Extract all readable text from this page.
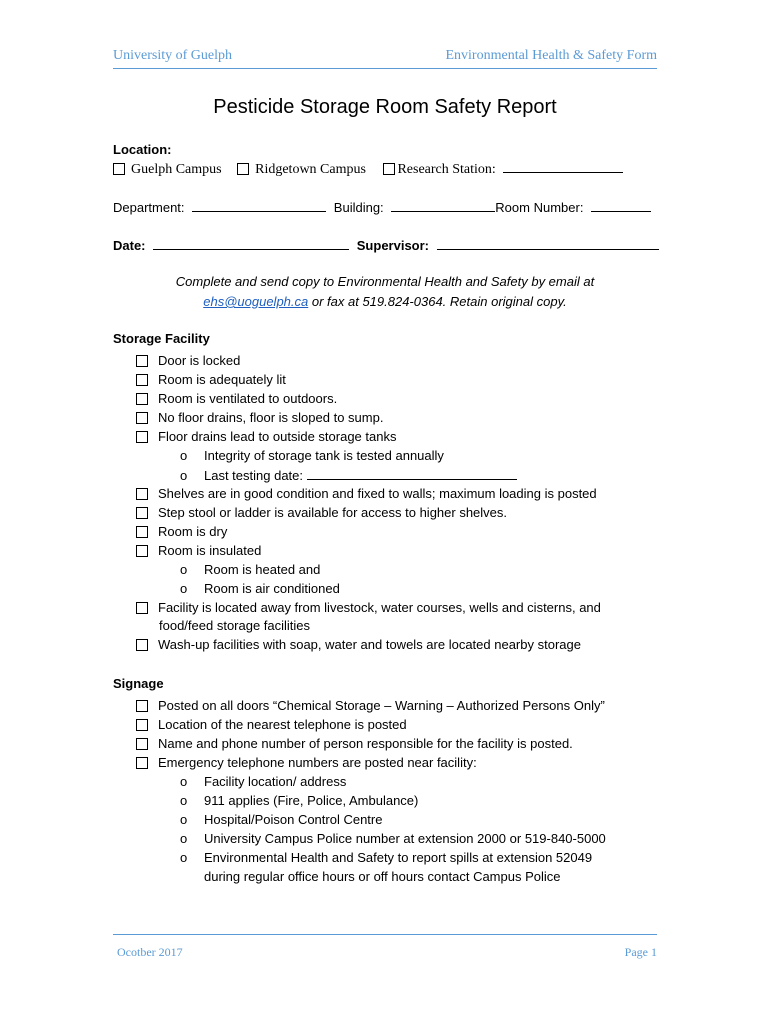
University of Guelph	Environmental Health & Safety Form
Pesticide Storage Room Safety Report
Location:
Guelph Campus Ridgetown Campus Research Station:
Department:	Building:	Room Number:
Date:	Supervisor:
Complete and send copy to Environmental Health and Safety by email at
ehs@uoguelph.ca or fax at 519.824-0364. Retain original copy.
Storage Facility
Door is locked
Room is adequately lit
Room is ventilated to outdoors.
No floor drains, floor is sloped to sump.
Floor drains lead to outside storage tanks
o Integrity of storage tank is tested annually
o Last testing date:
Shelves are in good condition and fixed to walls; maximum loading is posted
Step stool or ladder is available for access to higher shelves.
Room is dry
Room is insulated
o Room is heated and
o Room is air conditioned
Facility is located away from livestock, water courses, wells and cisterns, and
food/feed storage facilities
Wash-up facilities with soap, water and towels are located nearby storage
Signage
Posted on all doors “Chemical Storage – Warning – Authorized Persons Only”
Location of the nearest telephone is posted
Name and phone number of person responsible for the facility is posted.
Emergency telephone numbers are posted near facility:
o Facility location/ address
o 911 applies (Fire, Police, Ambulance)
o Hospital/Poison Control Centre
o University Campus Police number at extension 2000 or 519-840-5000
o Environmental Health and Safety to report spills at extension 52049
during regular office hours or off hours contact Campus Police
Ocotber 2017	Page 1
